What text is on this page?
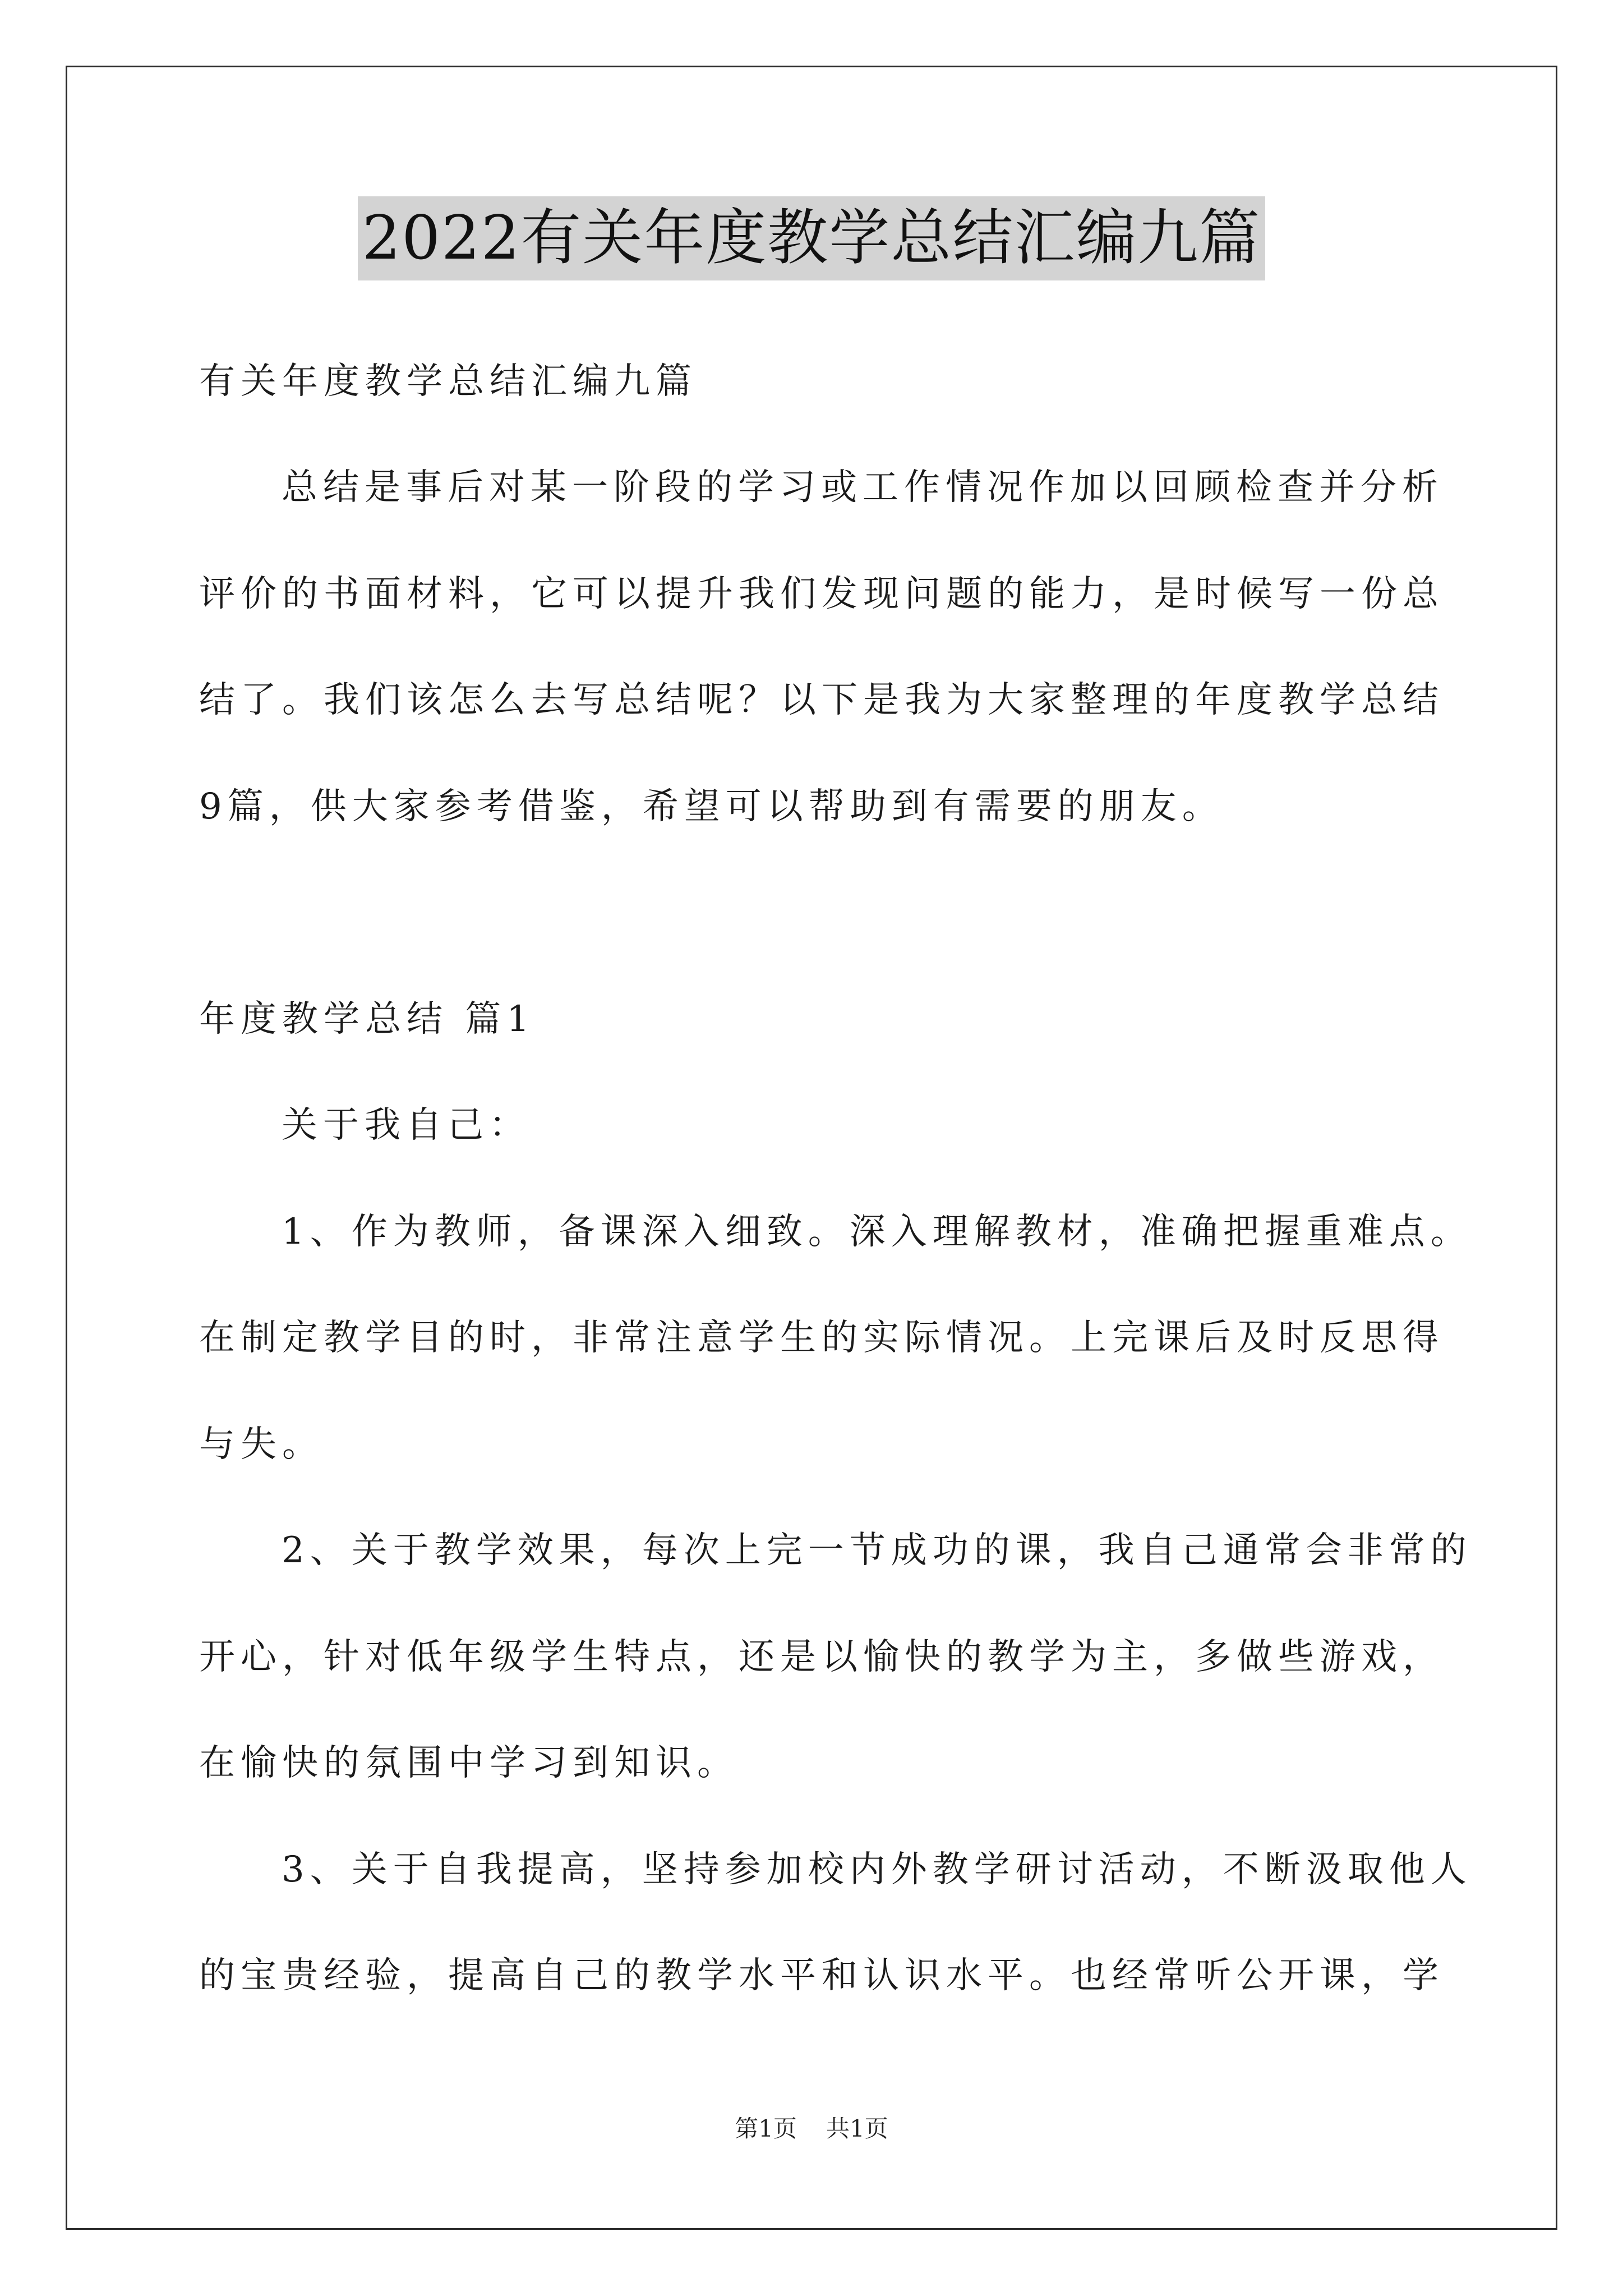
2022有关年度教学总结汇编九篇
有关年度教学总结汇编九篇
总结是事后对某一阶段的学习或工作情况作加以回顾检查并分析
评价的书面材料，它可以提升我们发现问题的能力，是时候写一份总
结了。我们该怎么去写总结呢？以下是我为大家整理的年度教学总结
9篇，供大家参考借鉴，希望可以帮助到有需要的朋友。
年度教学总结 篇1
关于我自己：
1、作为教师，备课深入细致。深入理解教材，准确把握重难点。
在制定教学目的时，非常注意学生的实际情况。上完课后及时反思得
与失。
2、关于教学效果，每次上完一节成功的课，我自己通常会非常的
开心，针对低年级学生特点，还是以愉快的教学为主，多做些游戏，
在愉快的氛围中学习到知识。
3、关于自我提高，坚持参加校内外教学研讨活动，不断汲取他人
的宝贵经验，提高自己的教学水平和认识水平。也经常听公开课，学
第1页 共1页
